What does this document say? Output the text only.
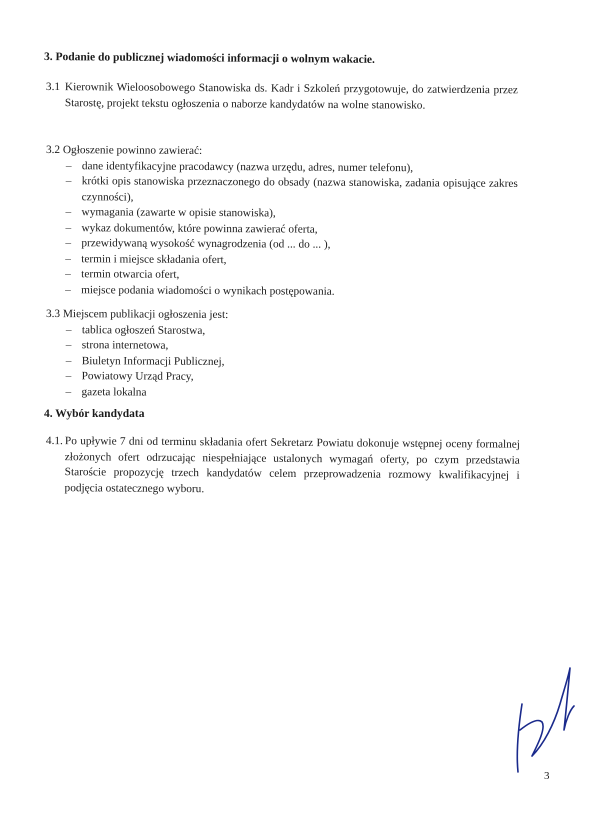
3. Podanie do publicznej wiadomości informacji o wolnym wakacie.
3.1 Kierownik Wieloosobowego Stanowiska ds. Kadr i Szkoleń przygotowuje, do zatwierdzenia przez Starostę, projekt tekstu ogłoszenia o naborze kandydatów na wolne stanowisko.
3.2 Ogłoszenie powinno zawierać:
– dane identyfikacyjne pracodawcy (nazwa urzędu, adres, numer telefonu),
– krótki opis stanowiska przeznaczonego do obsady (nazwa stanowiska, zadania opisujące zakres czynności),
– wymagania (zawarte w opisie stanowiska),
– wykaz dokumentów, które powinna zawierać oferta,
– przewidywaną wysokość wynagrodzenia (od ... do ... ),
– termin i miejsce składania ofert,
– termin otwarcia ofert,
– miejsce podania wiadomości o wynikach postępowania.
3.3 Miejscem publikacji ogłoszenia jest:
– tablica ogłoszeń Starostwa,
– strona internetowa,
– Biuletyn Informacji Publicznej,
– Powiatowy Urząd Pracy,
– gazeta lokalna
4. Wybór kandydata
4.1. Po upływie 7 dni od terminu składania ofert Sekretarz Powiatu dokonuje wstępnej oceny formalnej złożonych ofert odrzucając niespełniające ustalonych wymagań oferty, po czym przedstawia Staroście propozycję trzech kandydatów celem przeprowadzenia rozmowy kwalifikacyjnej i podjęcia ostatecznego wyboru.
3
